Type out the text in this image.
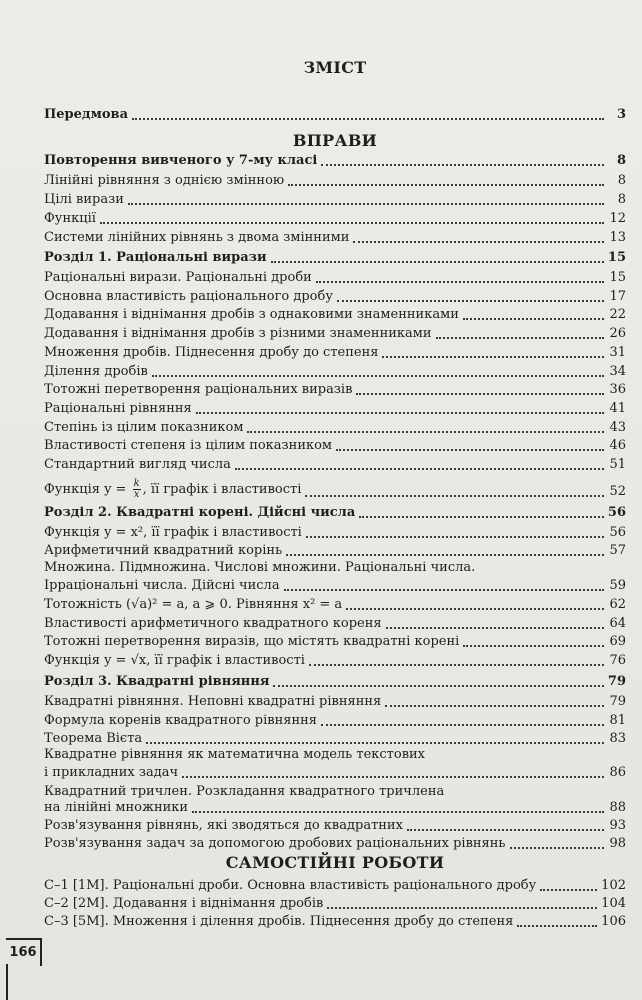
ЗМІСТ
Передмова	3
ВПРАВИ
Повторення вивченого у 7-му класі	8
Лінійні рівняння з однією змінною	8
Цілі вирази	8
Функції	12
Системи лінійних рівнянь з двома змінними	13
Розділ 1. Раціональні вирази	15
Раціональні вирази. Раціональні дроби	15
Основна властивість раціонального дробу	17
Додавання і віднімання дробів з однаковими знаменниками	22
Додавання і віднімання дробів з різними знаменниками	26
Множення дробів. Піднесення дробу до степеня	31
Ділення дробів	34
Тотожні перетворення раціональних виразів	36
Раціональні рівняння	41
Степінь із цілим показником	43
Властивості степеня із цілим показником	46
Стандартний вигляд числа	51
Функція $y = \frac{k}{x}$ , її графік і властивості	52
Розділ 2. Квадратні корені. Дійсні числа	56
Функція y = x², її графік і властивості	56
Арифметичний квадратний корінь	57
Множина. Підмножина. Числові множини. Раціональні числа.
Ірраціональні числа. Дійсні числа	59
Тотожність (√a)² = a, a ⩾ 0. Рівняння x² = a	62
Властивості арифметичного квадратного кореня	64
Тотожні перетворення виразів, що містять квадратні корені	69
Функція y = √x, її графік і властивості	76
Розділ 3. Квадратні рівняння	79
Квадратні рівняння. Неповні квадратні рівняння	79
Формула коренів квадратного рівняння	81
Теорема Вієта	83
Квадратне рівняння як математична модель текстових
і прикладних задач	86
Квадратний тричлен. Розкладання квадратного тричлена
на лінійні множники	88
Розв'язування рівнянь, які зводяться до квадратних	93
Розв'язування задач за допомогою дробових раціональних рівнянь	98
САМОСТІЙНІ РОБОТИ
С–1 [1М]. Раціональні дроби. Основна властивість раціонального дробу	102
С–2 [2М]. Додавання і віднімання дробів	104
С–3 [5М]. Множення і ділення дробів. Піднесення дробу до степеня	106
166
